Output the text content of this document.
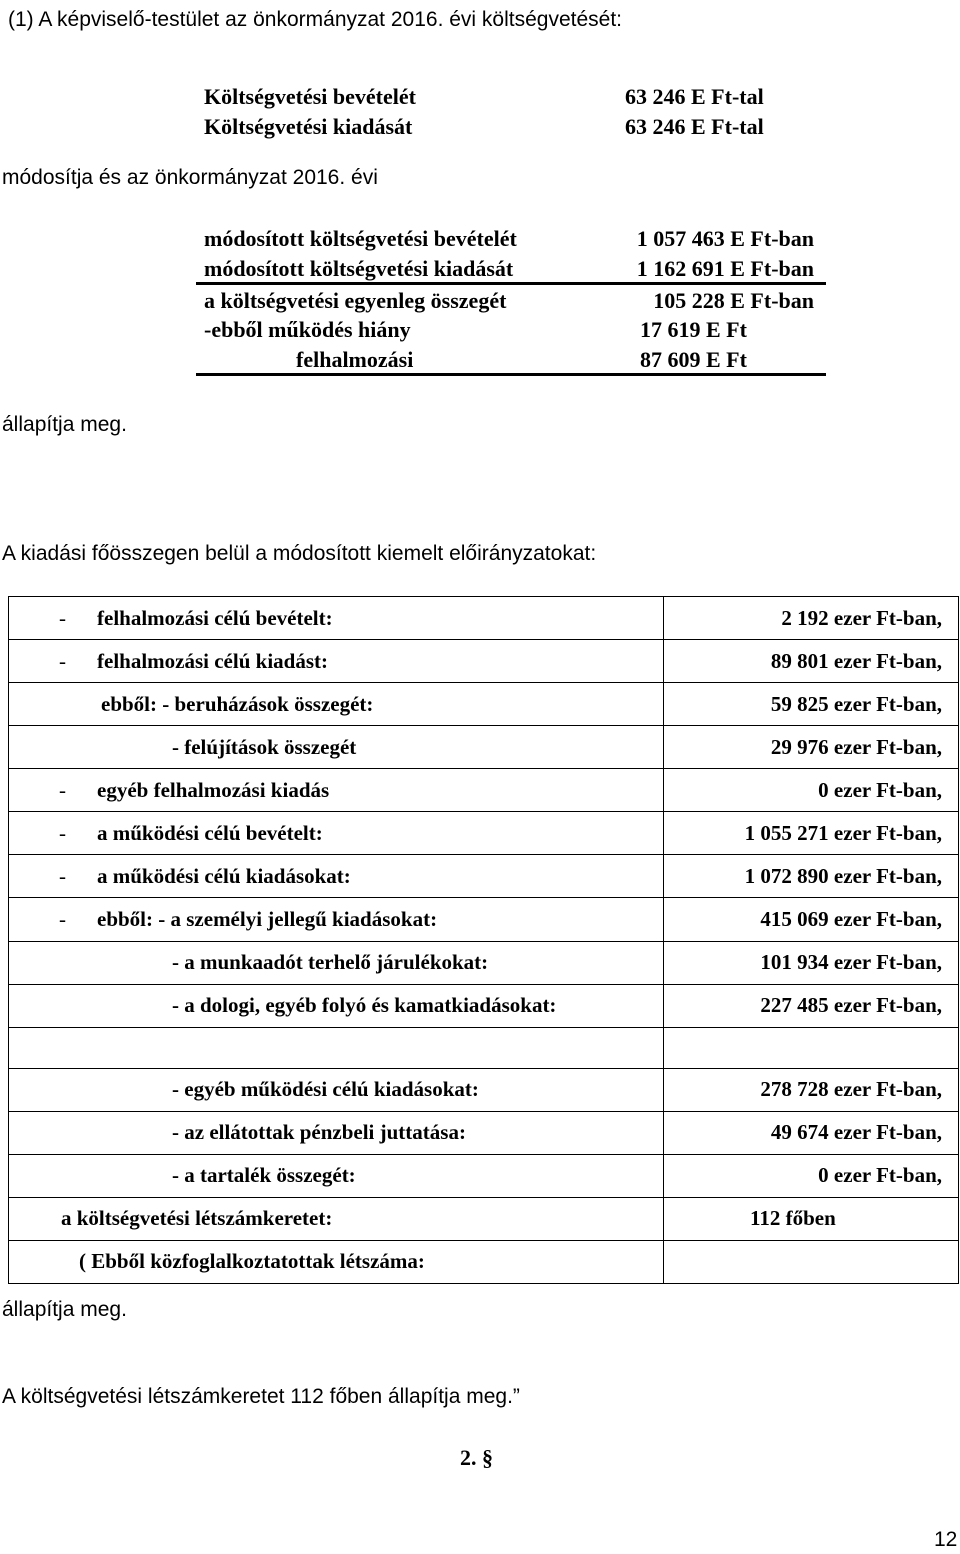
(1) A képviselő-testület az önkormányzat 2016. évi költségvetését:
Költségvetési bevételét	63 246 E Ft-tal
Költségvetési kiadását	63 246 E Ft-tal
módosítja és az önkormányzat 2016. évi
módosított költségvetési bevételét	1 057 463 E Ft-ban
módosított költségvetési kiadását	1 162 691 E Ft-ban
a költségvetési egyenleg összegét	105 228 E Ft-ban
-ebből működés hiány	17 619 E Ft
felhalmozási	87 609 E Ft
állapítja meg.
A kiadási főösszegen belül a módosított kiemelt előirányzatokat:
- felhalmozási célú bevételt:	2 192 ezer Ft-ban,
- felhalmozási célú kiadást:	89 801 ezer Ft-ban,
ebből: - beruházások összegét:	59 825 ezer Ft-ban,
- felújítások összegét	29 976 ezer Ft-ban,
- egyéb felhalmozási kiadás	0 ezer Ft-ban,
- a működési célú bevételt:	1 055 271 ezer Ft-ban,
- a működési célú kiadásokat:	1 072 890 ezer Ft-ban,
- ebből: - a személyi jellegű kiadásokat:	415 069 ezer Ft-ban,
- a munkaadót terhelő járulékokat:	101 934 ezer Ft-ban,
- a dologi, egyéb folyó és kamatkiadásokat:	227 485 ezer Ft-ban,

- egyéb működési célú kiadásokat:	278 728 ezer Ft-ban,
- az ellátottak pénzbeli juttatása:	49 674 ezer Ft-ban,
- a tartalék összegét:	0 ezer Ft-ban,
a költségvetési létszámkeretet:	112 főben
( Ebből közfoglalkoztatottak létszáma:	
állapítja meg.
A költségvetési létszámkeretet 112 főben állapítja meg.”
2. §
12
